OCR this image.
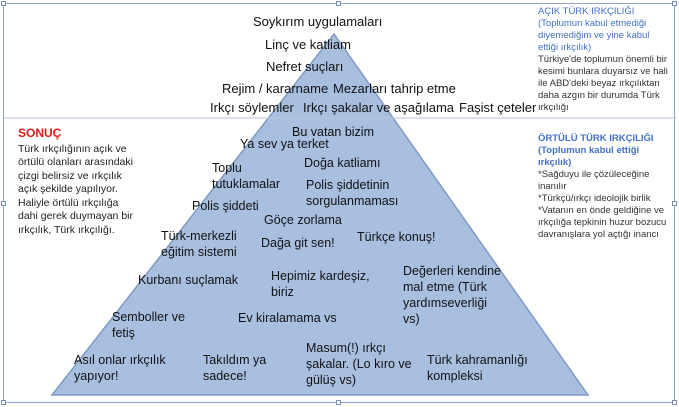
Soykırım uygulamaları
Linç ve katliam
Nefret suçları
Rejim / kararname Mezarları tahrip etme
Irkçı söylemler Irkçı şakalar ve aşağılama Faşist çeteler
Bu vatan bizim
Ya sev ya terket
Toplu tutuklamalar
Doğa katliamı
Polis şiddetinin sorgulanmaması
Polis şiddeti
Göçe zorlama
Türk-merkezli eğitim sistemi
Dağa git sen! Türkçe konuş!
Kurbanı suçlamak	Hepimiz kardeşiz, biriz
Değerleri kendine mal etme (Türk yardımseverliği vs)
Semboller ve fetiş
Ev kiralamama vs
Asıl onlar ırkçılık yapıyor!
Takıldım ya sadece!
Masum(!) ırkçı şakalar. (Lo kıro ve gülüş vs)
Türk kahramanlığı kompleksi
AÇIK TÜRK IRKÇILIĞI (Toplumun kabul etmediği diyemediğim ve yine kabul ettiği ırkçılık)
Türkiye'de toplumun önemli bir kesimi bunlara duyarsız ve hali ile ABD'deki beyaz ırkçılıktan daha azgın bir durumda Türk ırkçılığı
ÖRTÜLÜ TÜRK IRKÇILIĞI (Toplumun kabul ettiği ırkçılık)
*Sağduyu ile çözüleceğine inanılır
*Türkçü/ırkçı ideolojik birlik
*Vatanın en önde geldiğine ve ırkçılığa tepkinin huzur bozucu davranışlara yol açtığı inancı
SONUÇ
Türk ırkçılığının açık ve örtülü olanları arasındaki çizgi belirsiz ve ırkçılık açık şekilde yapılıyor. Haliyle örtülü ırkçılığa dahi gerek duymayan bir ırkçılık, Türk ırkçılığı.
